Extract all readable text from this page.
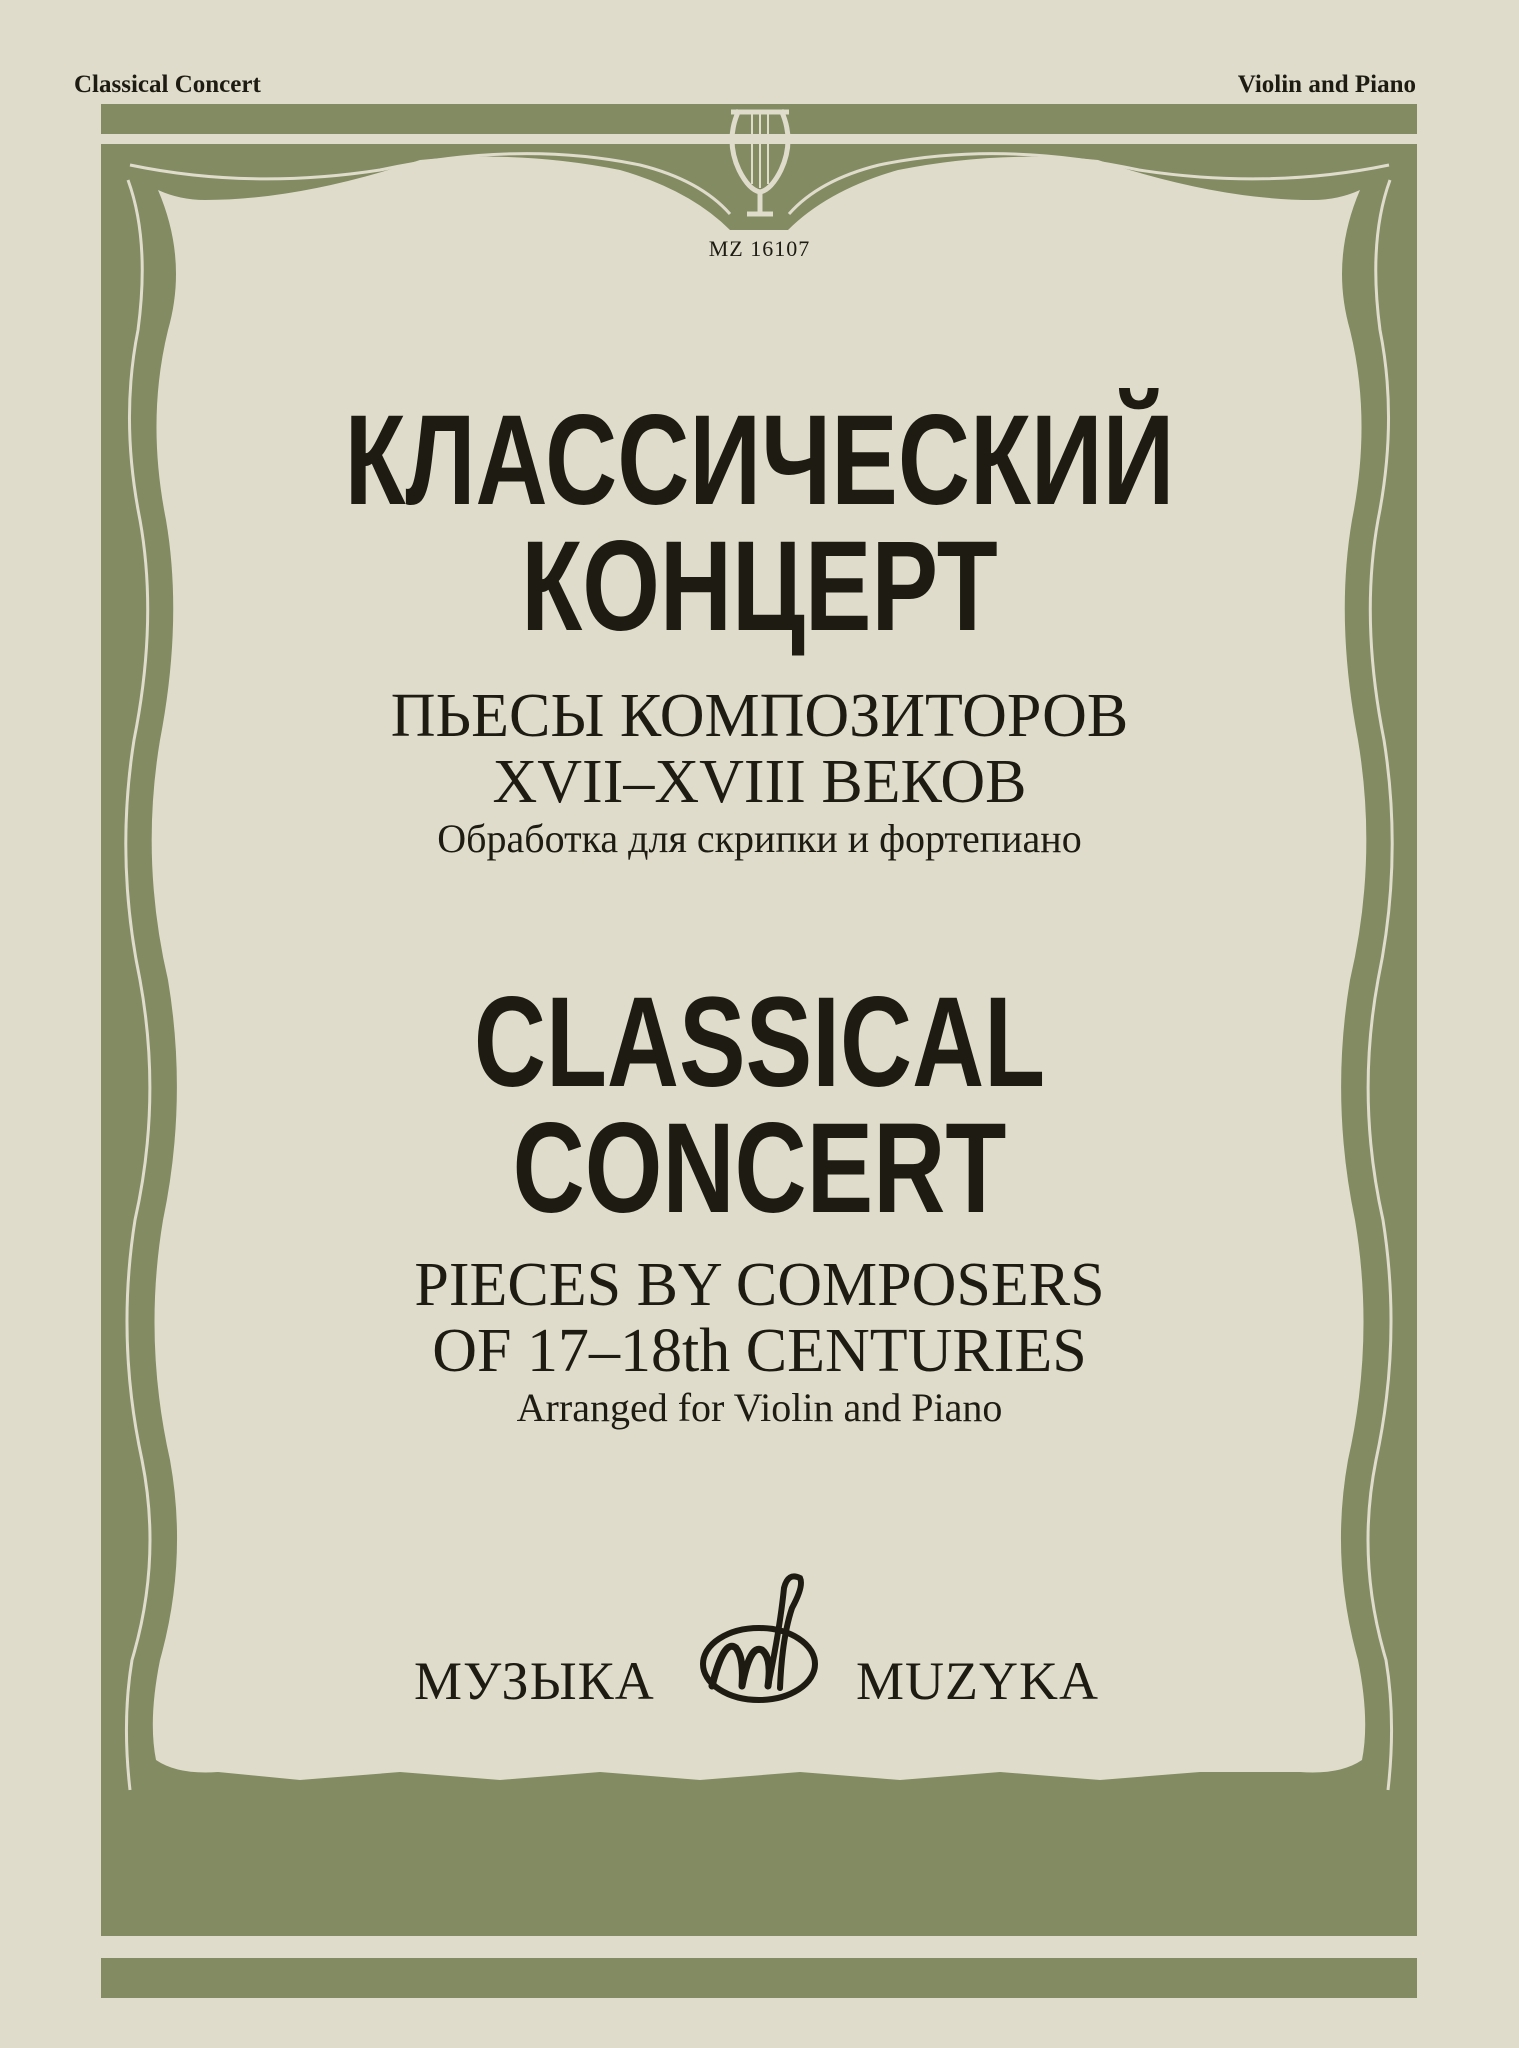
Classical Concert	Violin and Piano
MZ 16107
КЛАССИЧЕСКИЙ
КОНЦЕРТ
ПЬЕСЫ КОМПОЗИТОРОВ
XVII–XVIII ВЕКОВ
Обработка для скрипки и фортепиано
CLASSICAL
CONCERT
PIECES BY COMPOSERS
OF 17–18th CENTURIES
Arranged for Violin and Piano
МУЗЫКА	MUZYKA
